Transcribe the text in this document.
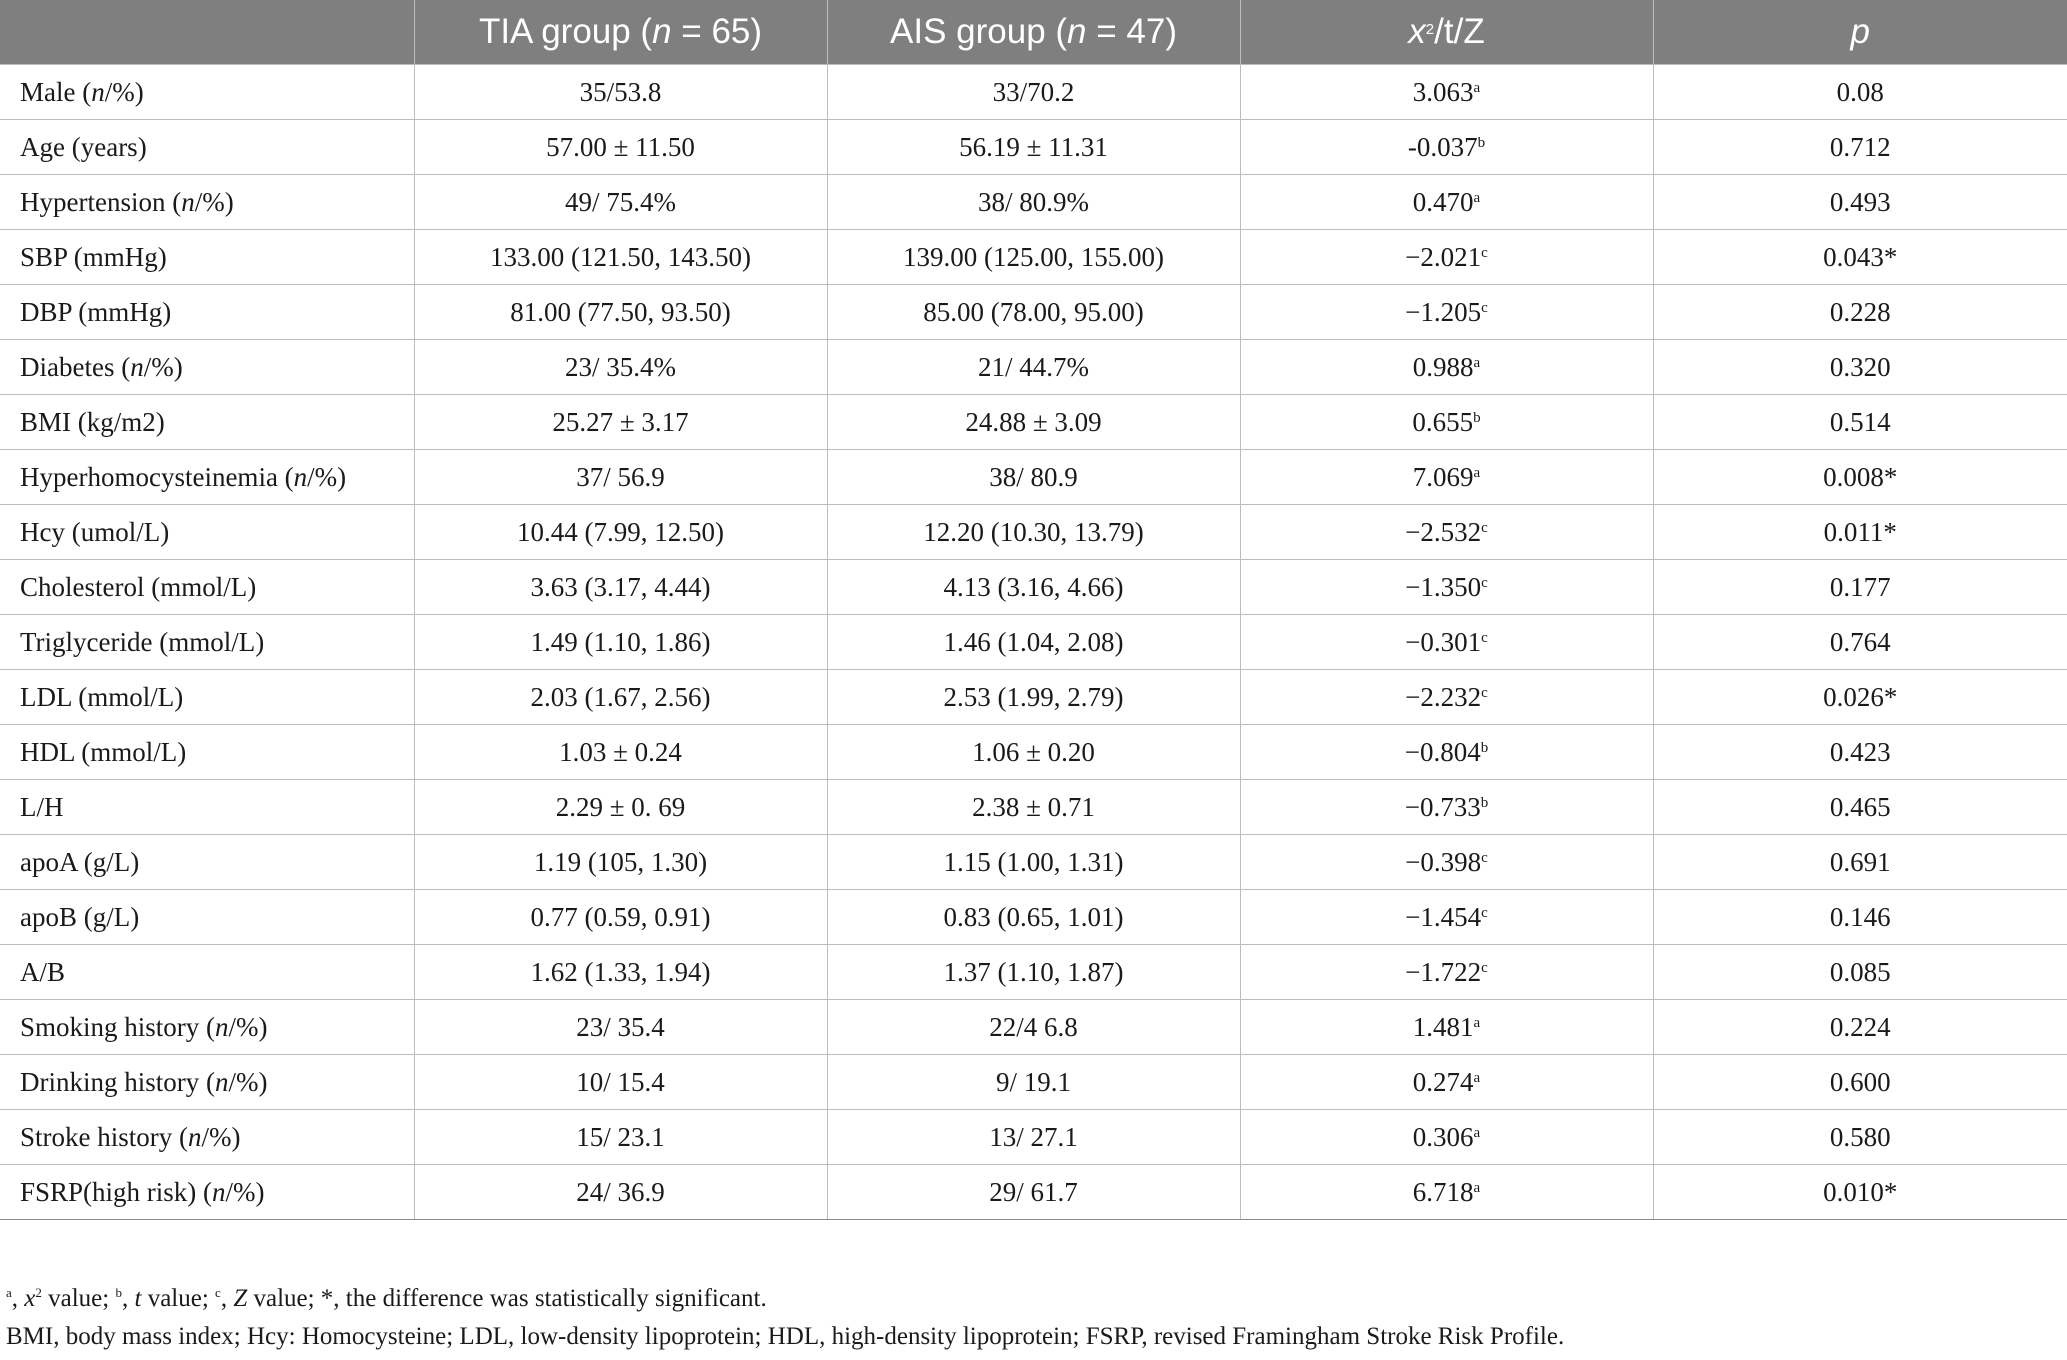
	TIA group (n = 65)	AIS group (n = 47)	$x^2/t/Z$	p
Male (n/%)	35/53.8	33/70.2	3.063$^a$	0.08
Age (years)	57.00 ± 11.50	56.19 ± 11.31	-0.037$^b$	0.712
Hypertension (n/%)	49/ 75.4%	38/ 80.9%	0.470$^a$	0.493
SBP (mmHg)	133.00 (121.50, 143.50)	139.00 (125.00, 155.00)	−2.021$^c$	0.043*
DBP (mmHg)	81.00 (77.50, 93.50)	85.00 (78.00, 95.00)	−1.205$^c$	0.228
Diabetes (n/%)	23/ 35.4%	21/ 44.7%	0.988$^a$	0.320
BMI (kg/m2)	25.27 ± 3.17	24.88 ± 3.09	0.655$^b$	0.514
Hyperhomocysteinemia (n/%)	37/ 56.9	38/ 80.9	7.069$^a$	0.008*
Hcy (umol/L)	10.44 (7.99, 12.50)	12.20 (10.30, 13.79)	−2.532$^c$	0.011*
Cholesterol (mmol/L)	3.63 (3.17, 4.44)	4.13 (3.16, 4.66)	−1.350$^c$	0.177
Triglyceride (mmol/L)	1.49 (1.10, 1.86)	1.46 (1.04, 2.08)	−0.301$^c$	0.764
LDL (mmol/L)	2.03 (1.67, 2.56)	2.53 (1.99, 2.79)	−2.232$^c$	0.026*
HDL (mmol/L)	1.03 ± 0.24	1.06 ± 0.20	−0.804$^b$	0.423
L/H	2.29 ± 0. 69	2.38 ± 0.71	−0.733$^b$	0.465
apoA (g/L)	1.19 (105, 1.30)	1.15 (1.00, 1.31)	−0.398$^c$	0.691
apoB (g/L)	0.77 (0.59, 0.91)	0.83 (0.65, 1.01)	−1.454$^c$	0.146
A/B	1.62 (1.33, 1.94)	1.37 (1.10, 1.87)	−1.722$^c$	0.085
Smoking history (n/%)	23/ 35.4	22/4 6.8	1.481$^a$	0.224
Drinking history (n/%)	10/ 15.4	9/ 19.1	0.274$^a$	0.600
Stroke history (n/%)	15/ 23.1	13/ 27.1	0.306$^a$	0.580
FSRP(high risk) (n/%)	24/ 36.9	29/ 61.7	6.718$^a$	0.010*
$^a$, $x^2$ value; $^b$, t value; $^c$, Z value; *, the difference was statistically significant.
BMI, body mass index; Hcy: Homocysteine; LDL, low-density lipoprotein; HDL, high-density lipoprotein; FSRP, revised Framingham Stroke Risk Profile.
